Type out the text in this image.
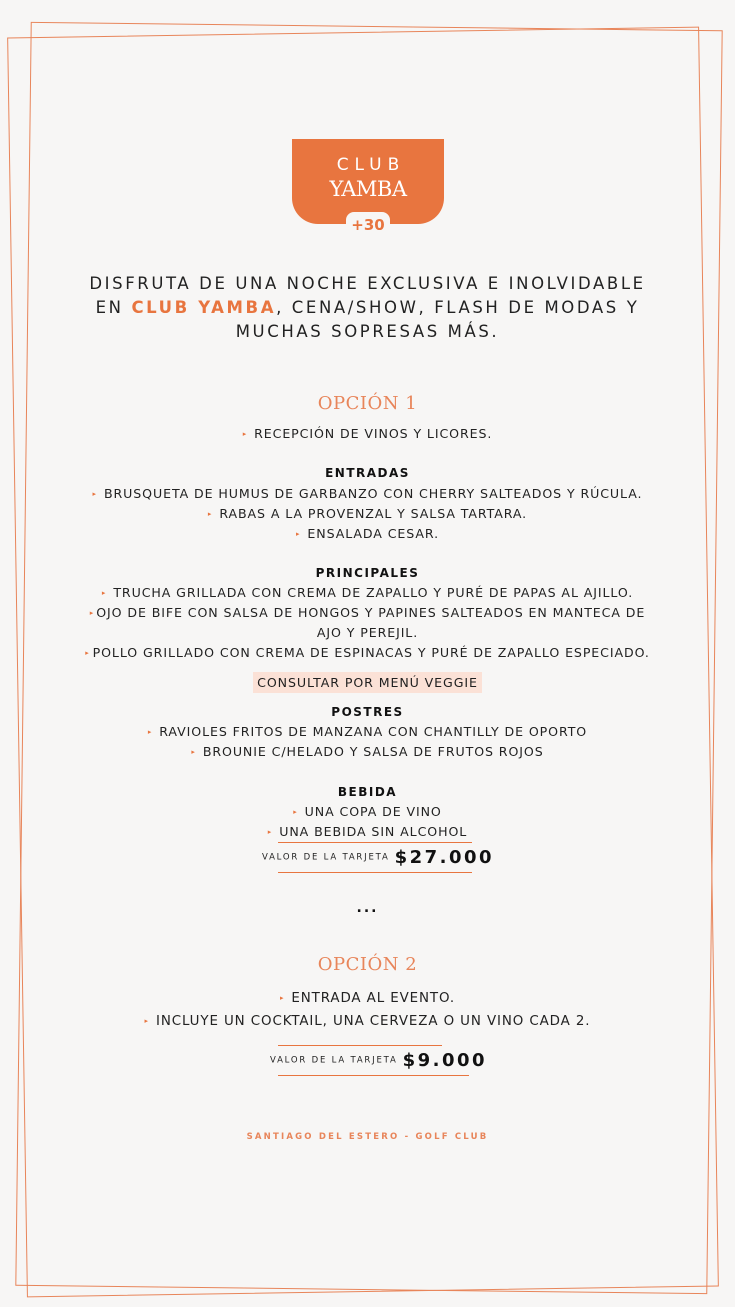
CLUB
YAMBA
+30
DISFRUTA DE UNA NOCHE EXCLUSIVA E INOLVIDABLE
EN CLUB YAMBA, CENA/SHOW, FLASH DE MODAS Y
MUCHAS SOPRESAS MÁS.
OPCIÓN 1
▸ RECEPCIÓN DE VINOS Y LICORES.
ENTRADAS
▸ BRUSQUETA DE HUMUS DE GARBANZO CON CHERRY SALTEADOS Y RÚCULA.
▸ RABAS A LA PROVENZAL Y SALSA TARTARA.
▸ ENSALADA CESAR.
PRINCIPALES
▸ TRUCHA GRILLADA CON CREMA DE ZAPALLO Y PURÉ DE PAPAS AL AJILLO.
▸ OJO DE BIFE CON SALSA DE HONGOS Y PAPINES SALTEADOS EN MANTECA DE
AJO Y PEREJIL.
▸ POLLO GRILLADO CON CREMA DE ESPINACAS Y PURÉ DE ZAPALLO ESPECIADO.
CONSULTAR POR MENÚ VEGGIE
POSTRES
▸ RAVIOLES FRITOS DE MANZANA CON CHANTILLY DE OPORTO
▸ BROUNIE C/HELADO Y SALSA DE FRUTOS ROJOS
BEBIDA
▸ UNA COPA DE VINO
▸ UNA BEBIDA SIN ALCOHOL
VALOR DE LA TARJETA $27.000
...
OPCIÓN 2
▸ ENTRADA AL EVENTO.
▸ INCLUYE UN COCKTAIL, UNA CERVEZA O UN VINO CADA 2.
VALOR DE LA TARJETA $9.000
SANTIAGO DEL ESTERO - GOLF CLUB
